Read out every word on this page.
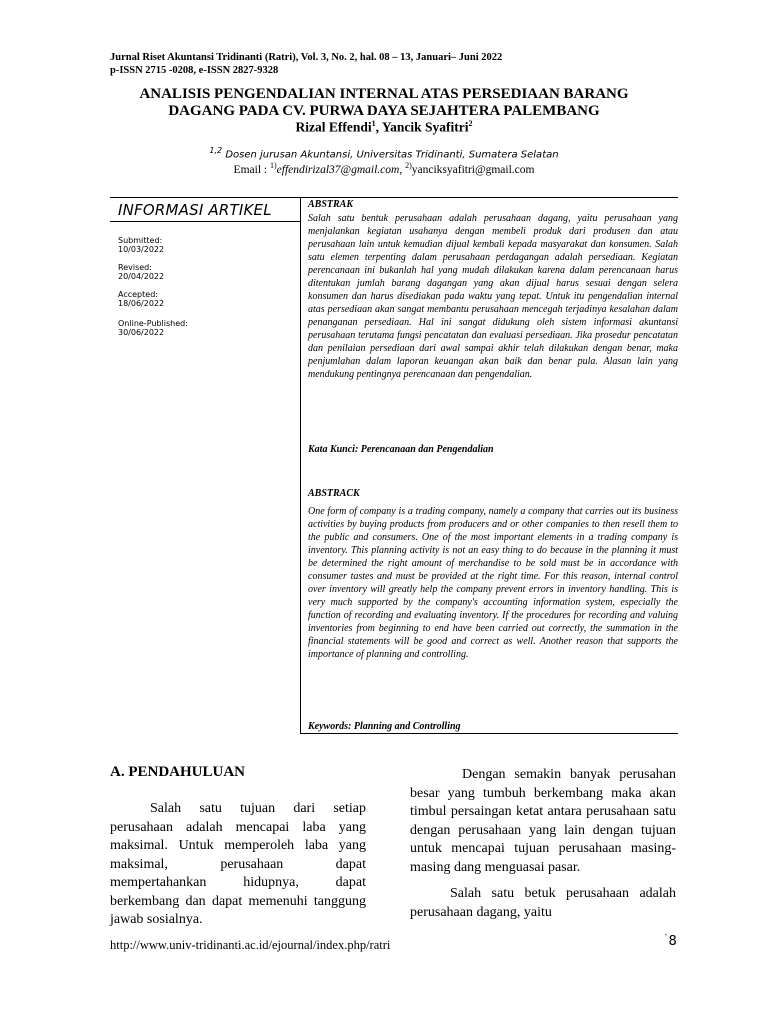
Jurnal Riset Akuntansi Tridinanti (Ratri), Vol. 3, No. 2, hal. 08 – 13, Januari– Juni 2022
p-ISSN 2715 -0208, e-ISSN 2827-9328
ANALISIS PENGENDALIAN INTERNAL ATAS PERSEDIAAN BARANG
DAGANG PADA CV. PURWA DAYA SEJAHTERA PALEMBANG
Rizal Effendi$^1$, Yancik Syafitri$^2$
$^{1,2}$ Dosen jurusan Akuntansi, Universitas Tridinanti, Sumatera Selatan
Email : $^{1)}$effendirizal37@gmail.com, $^{2)}$yanciksyafitri@gmail.com
INFORMASI ARTIKEL
Submitted:
10/03/2022
Revised:
20/04/2022
Accepted:
18/06/2022
Online-Published:
30/06/2022
ABSTRAK
Salah satu bentuk perusahaan adalah perusahaan dagang, yaitu perusahaan yang menjalankan kegiatan usahanya dengan membeli produk dari produsen dan atau perusahaan lain untuk kemudian dijual kembali kepada masyarakat dan konsumen. Salah satu elemen terpenting dalam perusahaan perdagangan adalah persediaan. Kegiatan perencanaan ini bukanlah hal yang mudah dilakukan karena dalam perencanaan harus ditentukan jumlah barang dagangan yang akan dijual harus sesuai dengan selera konsumen dan harus disediakan pada waktu yang tepat. Untuk itu pengendalian internal atas persediaan akan sangat membantu perusahaan mencegah terjadinya kesalahan dalam penanganan persediaan. Hal ini sangat didukung oleh sistem informasi akuntansi perusahaan terutama fungsi pencatatan dan evaluasi persediaan. Jika prosedur pencatatan dan penilaian persediaan dari awal sampai akhir telah dilakukan dengan benar, maka penjumlahan dalam laporan keuangan akan baik dan benar pula. Alasan lain yang mendukung pentingnya perencanaan dan pengendalian.
Kata Kunci: Perencanaan dan Pengendalian
ABSTRACK
One form of company is a trading company, namely a company that carries out its business activities by buying products from producers and or other companies to then resell them to the public and consumers. One of the most important elements in a trading company is inventory. This planning activity is not an easy thing to do because in the planning it must be determined the right amount of merchandise to be sold must be in accordance with consumer tastes and must be provided at the right time. For this reason, internal control over inventory will greatly help the company prevent errors in inventory handling. This is very much supported by the company's accounting information system, especially the function of recording and evaluating inventory. If the procedures for recording and valuing inventories from beginning to end have been carried out correctly, the summation in the financial statements will be good and correct as well. Another reason that supports the importance of planning and controlling.
Keywords: Planning and Controlling
A. PENDAHULUAN
Salah satu tujuan dari setiap perusahaan adalah mencapai laba yang maksimal. Untuk memperoleh laba yang maksimal, perusahaan dapat mempertahankan hidupnya, dapat berkembang dan dapat memenuhi tanggung jawab sosialnya.
Dengan semakin banyak perusahan besar yang tumbuh berkembang maka akan timbul persaingan ketat antara perusahaan satu dengan perusahaan yang lain dengan tujuan untuk mencapai tujuan perusahaan masing-masing dang menguasai pasar.
Salah satu betuk perusahaan adalah perusahaan dagang, yaitu
http://www.univ-tridinanti.ac.id/ejournal/index.php/ratri	`8
